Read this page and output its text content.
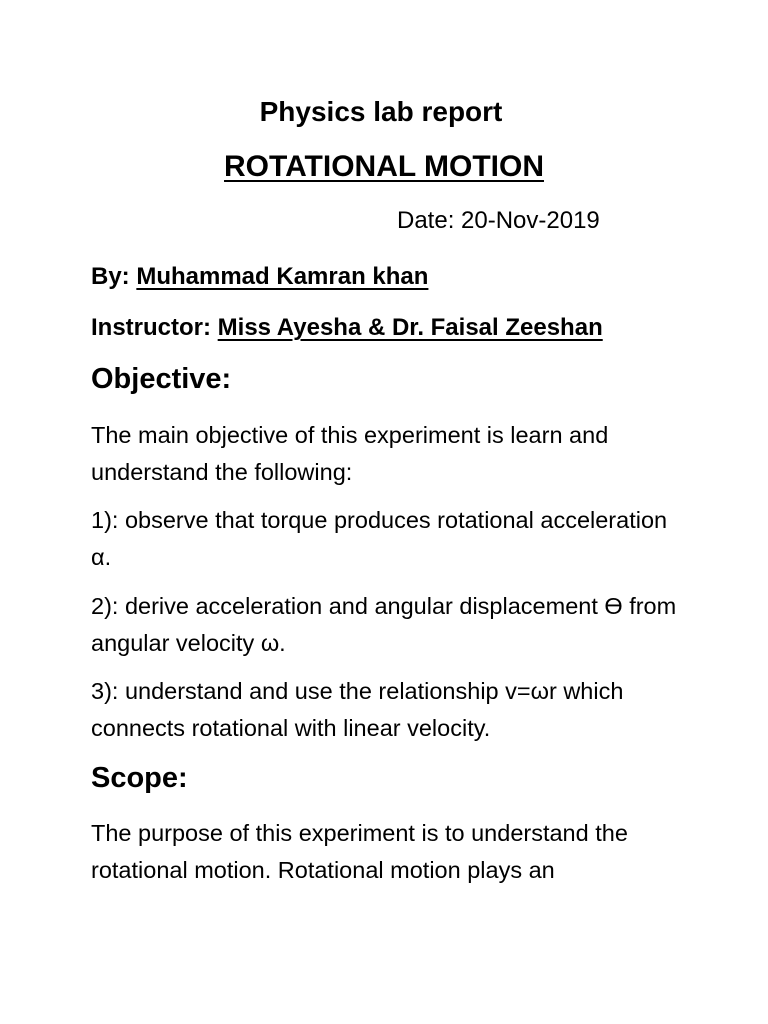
Physics lab report
ROTATIONAL MOTION
Date: 20-Nov-2019
By: Muhammad Kamran khan
Instructor: Miss Ayesha & Dr. Faisal Zeeshan
Objective:
The main objective of this experiment is learn and understand the following:
1): observe that torque produces rotational acceleration α.
2): derive acceleration and angular displacement ϴ from angular velocity ω.
3): understand and use the relationship v=ωr which connects rotational with linear velocity.
Scope:
The purpose of this experiment is to understand the rotational motion. Rotational motion plays an
